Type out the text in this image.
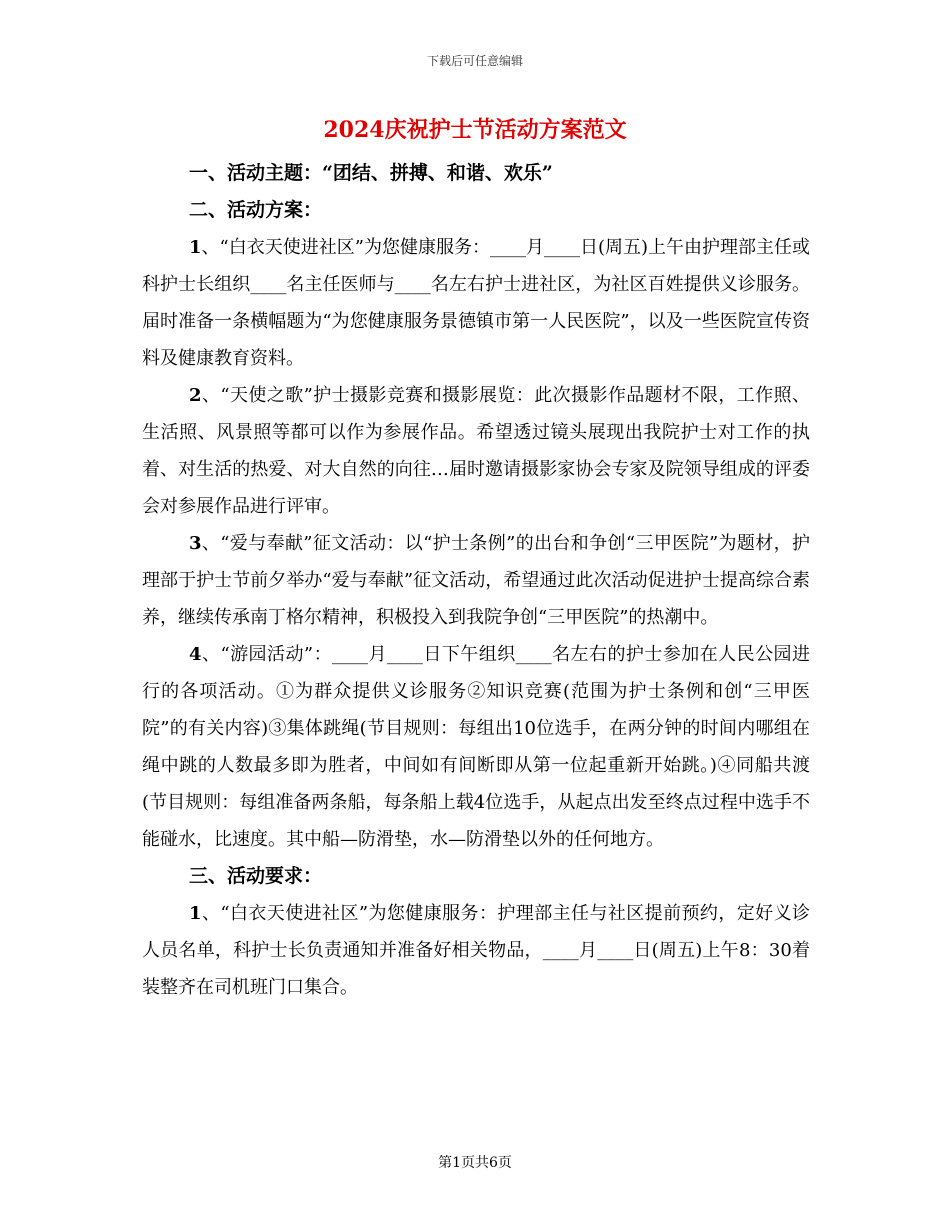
下载后可任意编辑
2024庆祝护士节活动方案范文

一、活动主题：“团结、拼搏、和谐、欢乐”

二、活动方案：

1、“白衣天使进社区”为您健康服务：____月____日(周五)上午由护理部主任或科护士长组织____名主任医师与____名左右护士进社区，为社区百姓提供义诊服务。届时准备一条横幅题为“为您健康服务景德镇市第一人民医院”，以及一些医院宣传资料及健康教育资料。

2、“天使之歌”护士摄影竞赛和摄影展览：此次摄影作品题材不限，工作照、生活照、风景照等都可以作为参展作品。希望透过镜头展现出我院护士对工作的执着、对生活的热爱、对大自然的向往…届时邀请摄影家协会专家及院领导组成的评委会对参展作品进行评审。

3、“爱与奉献”征文活动：以“护士条例”的出台和争创“三甲医院”为题材，护理部于护士节前夕举办“爱与奉献”征文活动，希望通过此次活动促进护士提高综合素养，继续传承南丁格尔精神，积极投入到我院争创“三甲医院”的热潮中。

4、“游园活动”：____月____日下午组织____名左右的护士参加在人民公园进行的各项活动。①为群众提供义诊服务②知识竞赛(范围为护士条例和创“三甲医院”的有关内容)③集体跳绳(节目规则：每组出10位选手，在两分钟的时间内哪组在绳中跳的人数最多即为胜者，中间如有间断即从第一位起重新开始跳。)④同船共渡(节目规则：每组准备两条船，每条船上载4位选手，从起点出发至终点过程中选手不能碰水，比速度。其中船—防滑垫，水—防滑垫以外的任何地方。

三、活动要求：

1、“白衣天使进社区”为您健康服务：护理部主任与社区提前预约，定好义诊人员名单，科护士长负责通知并准备好相关物品，____月____日(周五)上午8：30着装整齐在司机班门口集合。

第1页共6页
